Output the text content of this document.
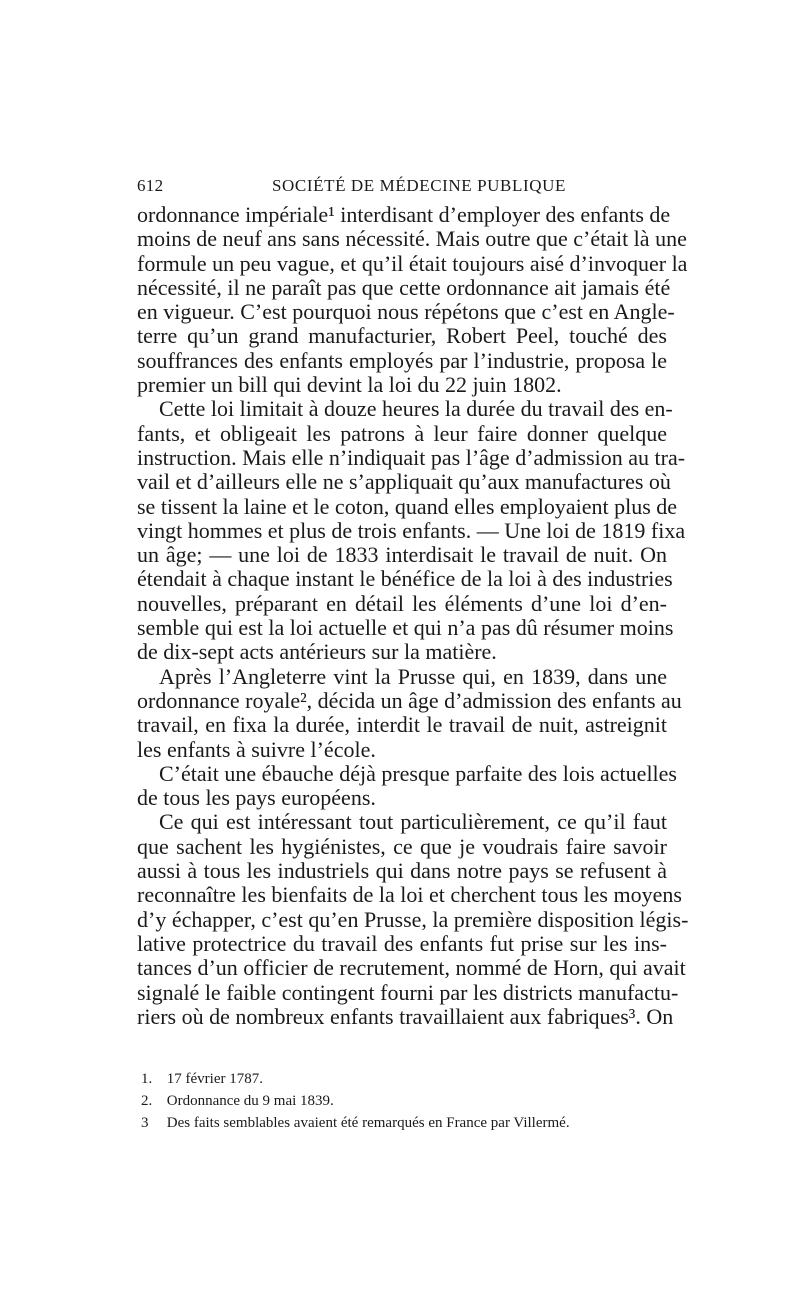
612	SOCIÉTÉ DE MÉDECINE PUBLIQUE
ordonnance impériale¹ interdisant d’employer des enfants de
moins de neuf ans sans nécessité. Mais outre que c’était là une
formule un peu vague, et qu’il était toujours aisé d’invoquer la
nécessité, il ne paraît pas que cette ordonnance ait jamais été
en vigueur. C’est pourquoi nous répétons que c’est en Angle-
terre qu’un grand manufacturier, Robert Peel, touché des
souffrances des enfants employés par l’industrie, proposa le
premier un bill qui devint la loi du 22 juin 1802.
Cette loi limitait à douze heures la durée du travail des en-
fants, et obligeait les patrons à leur faire donner quelque
instruction. Mais elle n’indiquait pas l’âge d’admission au tra-
vail et d’ailleurs elle ne s’appliquait qu’aux manufactures où
se tissent la laine et le coton, quand elles employaient plus de
vingt hommes et plus de trois enfants. — Une loi de 1819 fixa
un âge; — une loi de 1833 interdisait le travail de nuit. On
étendait à chaque instant le bénéfice de la loi à des industries
nouvelles, préparant en détail les éléments d’une loi d’en-
semble qui est la loi actuelle et qui n’a pas dû résumer moins
de dix-sept acts antérieurs sur la matière.
Après l’Angleterre vint la Prusse qui, en 1839, dans une
ordonnance royale², décida un âge d’admission des enfants au
travail, en fixa la durée, interdit le travail de nuit, astreignit
les enfants à suivre l’école.
C’était une ébauche déjà presque parfaite des lois actuelles
de tous les pays européens.
Ce qui est intéressant tout particulièrement, ce qu’il faut
que sachent les hygiénistes, ce que je voudrais faire savoir
aussi à tous les industriels qui dans notre pays se refusent à
reconnaître les bienfaits de la loi et cherchent tous les moyens
d’y échapper, c’est qu’en Prusse, la première disposition légis-
lative protectrice du travail des enfants fut prise sur les ins-
tances d’un officier de recrutement, nommé de Horn, qui avait
signalé le faible contingent fourni par les districts manufactu-
riers où de nombreux enfants travaillaient aux fabriques³. On
1. 17 février 1787.
2. Ordonnance du 9 mai 1839.
3 Des faits semblables avaient été remarqués en France par Villermé.
